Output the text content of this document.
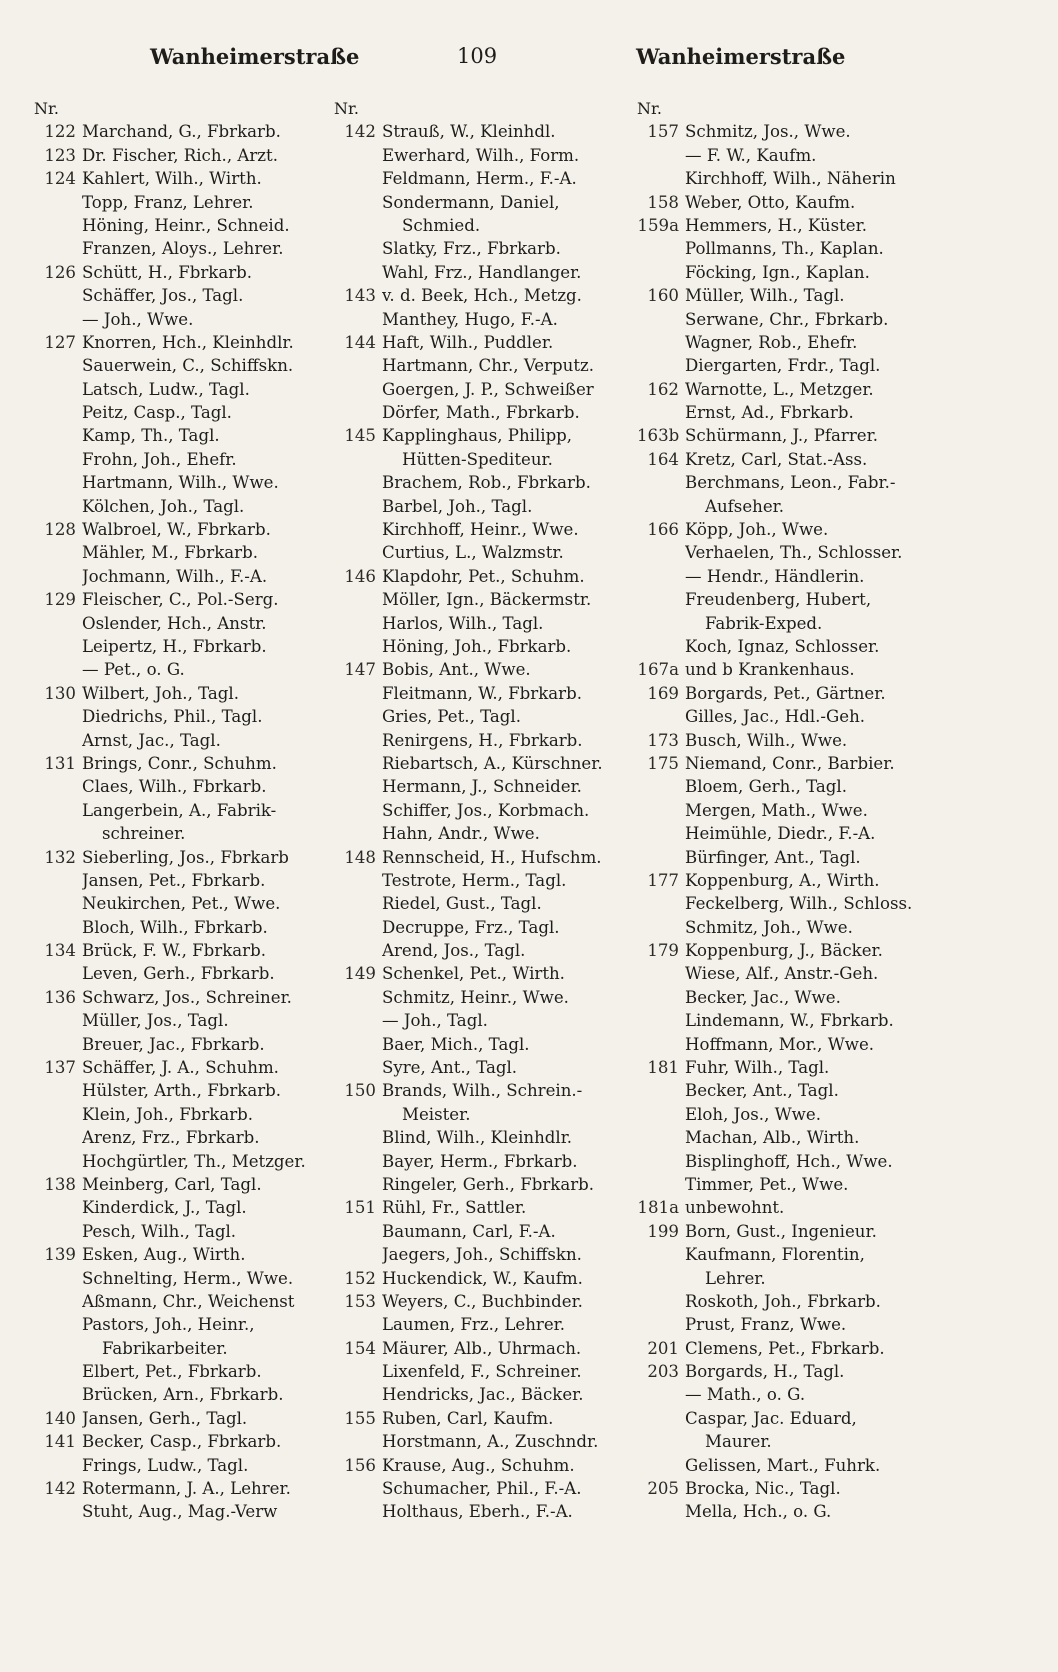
Wanheimerstraße	109	Wanheimerstraße
Nr.
122 Marchand, G., Fbrkarb.
123 Dr. Fischer, Rich., Arzt.
124 Kahlert, Wilh., Wirth.
Topp, Franz, Lehrer.
Höning, Heinr., Schneid.
Franzen, Aloys., Lehrer.
126 Schütt, H., Fbrkarb.
Schäffer, Jos., Tagl.
— Joh., Wwe.
127 Knorren, Hch., Kleinhdlr.
Sauerwein, C., Schiffskn.
Latsch, Ludw., Tagl.
Peitz, Casp., Tagl.
Kamp, Th., Tagl.
Frohn, Joh., Ehefr.
Hartmann, Wilh., Wwe.
Kölchen, Joh., Tagl.
128 Walbroel, W., Fbrkarb.
Mähler, M., Fbrkarb.
Jochmann, Wilh., F.-A.
129 Fleischer, C., Pol.-Serg.
Oslender, Hch., Anstr.
Leipertz, H., Fbrkarb.
— Pet., o. G.
130 Wilbert, Joh., Tagl.
Diedrichs, Phil., Tagl.
Arnst, Jac., Tagl.
131 Brings, Conr., Schuhm.
Claes, Wilh., Fbrkarb.
Langerbein, A., Fabrik-
schreiner.
132 Sieberling, Jos., Fbrkarb
Jansen, Pet., Fbrkarb.
Neukirchen, Pet., Wwe.
Bloch, Wilh., Fbrkarb.
134 Brück, F. W., Fbrkarb.
Leven, Gerh., Fbrkarb.
136 Schwarz, Jos., Schreiner.
Müller, Jos., Tagl.
Breuer, Jac., Fbrkarb.
137 Schäffer, J. A., Schuhm.
Hülster, Arth., Fbrkarb.
Klein, Joh., Fbrkarb.
Arenz, Frz., Fbrkarb.
Hochgürtler, Th., Metzger.
138 Meinberg, Carl, Tagl.
Kinderdick, J., Tagl.
Pesch, Wilh., Tagl.
139 Esken, Aug., Wirth.
Schnelting, Herm., Wwe.
Aßmann, Chr., Weichenst
Pastors, Joh., Heinr.,
Fabrikarbeiter.
Elbert, Pet., Fbrkarb.
Brücken, Arn., Fbrkarb.
140 Jansen, Gerh., Tagl.
141 Becker, Casp., Fbrkarb.
Frings, Ludw., Tagl.
142 Rotermann, J. A., Lehrer.
Stuht, Aug., Mag.-Verw
Nr.
142 Strauß, W., Kleinhdl.
Ewerhard, Wilh., Form.
Feldmann, Herm., F.-A.
Sondermann, Daniel,
Schmied.
Slatky, Frz., Fbrkarb.
Wahl, Frz., Handlanger.
143 v. d. Beek, Hch., Metzg.
Manthey, Hugo, F.-A.
144 Haft, Wilh., Puddler.
Hartmann, Chr., Verputz.
Goergen, J. P., Schweißer
Dörfer, Math., Fbrkarb.
145 Kapplinghaus, Philipp,
Hütten-Spediteur.
Brachem, Rob., Fbrkarb.
Barbel, Joh., Tagl.
Kirchhoff, Heinr., Wwe.
Curtius, L., Walzmstr.
146 Klapdohr, Pet., Schuhm.
Möller, Ign., Bäckermstr.
Harlos, Wilh., Tagl.
Höning, Joh., Fbrkarb.
147 Bobis, Ant., Wwe.
Fleitmann, W., Fbrkarb.
Gries, Pet., Tagl.
Renirgens, H., Fbrkarb.
Riebartsch, A., Kürschner.
Hermann, J., Schneider.
Schiffer, Jos., Korbmach.
Hahn, Andr., Wwe.
148 Rennscheid, H., Hufschm.
Testrote, Herm., Tagl.
Riedel, Gust., Tagl.
Decruppe, Frz., Tagl.
Arend, Jos., Tagl.
149 Schenkel, Pet., Wirth.
Schmitz, Heinr., Wwe.
— Joh., Tagl.
Baer, Mich., Tagl.
Syre, Ant., Tagl.
150 Brands, Wilh., Schrein.-
Meister.
Blind, Wilh., Kleinhdlr.
Bayer, Herm., Fbrkarb.
Ringeler, Gerh., Fbrkarb.
151 Rühl, Fr., Sattler.
Baumann, Carl, F.-A.
Jaegers, Joh., Schiffskn.
152 Huckendick, W., Kaufm.
153 Weyers, C., Buchbinder.
Laumen, Frz., Lehrer.
154 Mäurer, Alb., Uhrmach.
Lixenfeld, F., Schreiner.
Hendricks, Jac., Bäcker.
155 Ruben, Carl, Kaufm.
Horstmann, A., Zuschndr.
156 Krause, Aug., Schuhm.
Schumacher, Phil., F.-A.
Holthaus, Eberh., F.-A.
Nr.
157 Schmitz, Jos., Wwe.
— F. W., Kaufm.
Kirchhoff, Wilh., Näherin
158 Weber, Otto, Kaufm.
159a Hemmers, H., Küster.
Pollmanns, Th., Kaplan.
Föcking, Ign., Kaplan.
160 Müller, Wilh., Tagl.
Serwane, Chr., Fbrkarb.
Wagner, Rob., Ehefr.
Diergarten, Frdr., Tagl.
162 Warnotte, L., Metzger.
Ernst, Ad., Fbrkarb.
163b Schürmann, J., Pfarrer.
164 Kretz, Carl, Stat.-Ass.
Berchmans, Leon., Fabr.-
Aufseher.
166 Köpp, Joh., Wwe.
Verhaelen, Th., Schlosser.
— Hendr., Händlerin.
Freudenberg, Hubert,
Fabrik-Exped.
Koch, Ignaz, Schlosser.
167a und b Krankenhaus.
169 Borgards, Pet., Gärtner.
Gilles, Jac., Hdl.-Geh.
173 Busch, Wilh., Wwe.
175 Niemand, Conr., Barbier.
Bloem, Gerh., Tagl.
Mergen, Math., Wwe.
Heimühle, Diedr., F.-A.
Bürfinger, Ant., Tagl.
177 Koppenburg, A., Wirth.
Feckelberg, Wilh., Schloss.
Schmitz, Joh., Wwe.
179 Koppenburg, J., Bäcker.
Wiese, Alf., Anstr.-Geh.
Becker, Jac., Wwe.
Lindemann, W., Fbrkarb.
Hoffmann, Mor., Wwe.
181 Fuhr, Wilh., Tagl.
Becker, Ant., Tagl.
Eloh, Jos., Wwe.
Machan, Alb., Wirth.
Bisplinghoff, Hch., Wwe.
Timmer, Pet., Wwe.
181a unbewohnt.
199 Born, Gust., Ingenieur.
Kaufmann, Florentin,
Lehrer.
Roskoth, Joh., Fbrkarb.
Prust, Franz, Wwe.
201 Clemens, Pet., Fbrkarb.
203 Borgards, H., Tagl.
— Math., o. G.
Caspar, Jac. Eduard,
Maurer.
Gelissen, Mart., Fuhrk.
205 Brocka, Nic., Tagl.
Mella, Hch., o. G.
